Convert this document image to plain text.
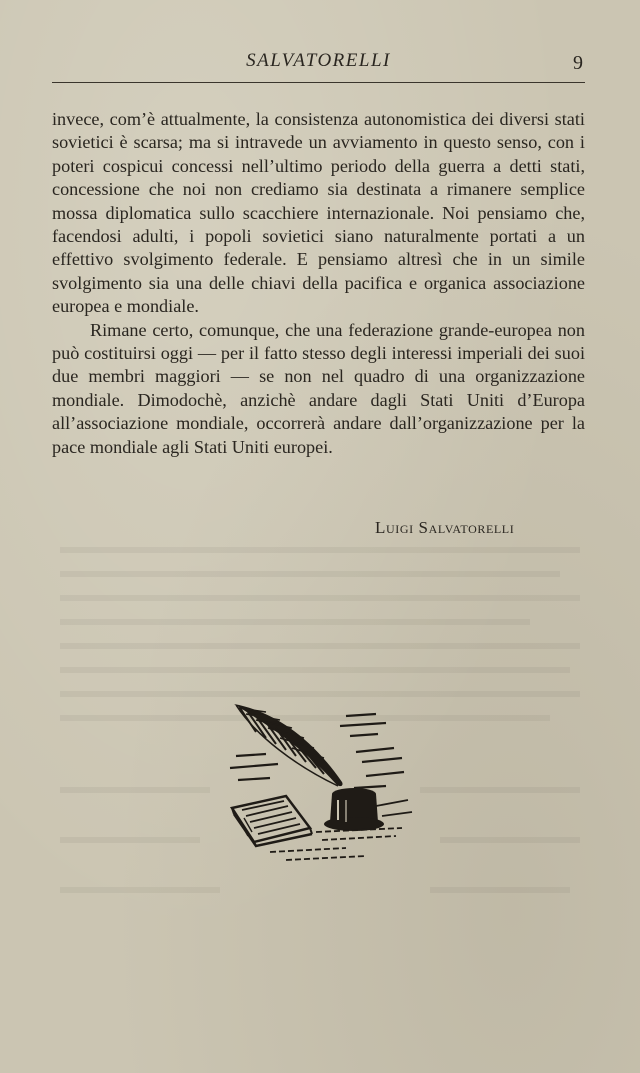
SALVATORELLI	9

invece, com’è attualmente, la consistenza autonomistica dei diversi stati sovietici è scarsa; ma si intravede un avviamento in questo senso, con i poteri cospicui concessi nell’ultimo periodo della guerra a detti stati, concessione che noi non crediamo sia destinata a rimanere semplice mossa diplomatica sullo scacchiere internazionale. Noi pensiamo che, facendosi adulti, i popoli sovietici siano naturalmente portati a un effettivo svolgimento federale. E pensiamo altresì che in un simile svolgimento sia una delle chiavi della pacifica e organica associazione europea e mondiale.

Rimane certo, comunque, che una federazione grande-europea non può costituirsi oggi — per il fatto stesso degli interessi imperiali dei suoi due membri maggiori — se non nel quadro di una organizzazione mondiale. Dimodochè, anzichè andare dagli Stati Uniti d’Europa all’associazione mondiale, occorrerà andare dall’organizzazione per la pace mondiale agli Stati Uniti europei.

Luigi Salvatorelli
